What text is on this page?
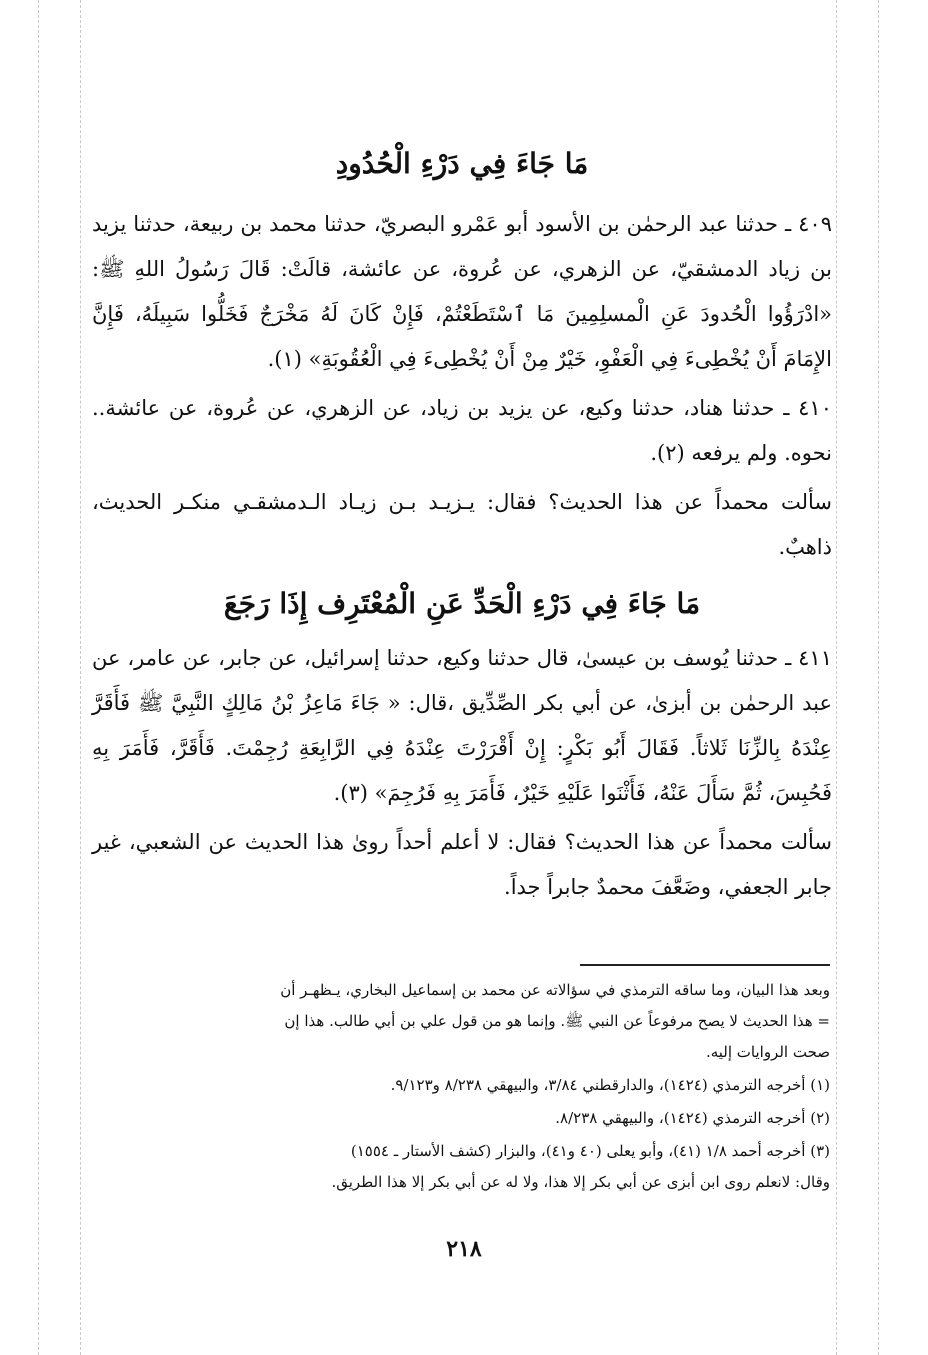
مَا جَاءَ فِي دَرْءِ الْحُدُودِ

٤٠٩ ـ حدثنا عبد الرحمٰن بن الأسود أبو عَمْرو البصريّ، حدثنا محمد بن ربيعة، حدثنا يزيد بن زياد الدمشقيّ، عن الزهري، عن عُروة، عن عائشة، قالَتْ: قَالَ رَسُولُ اللهِ ﷺ: «ادْرَؤُوا الْحُدودَ عَنِ الْمسلِمِينَ مَا ٱسْتَطَعْتُمْ، فَإِنْ كَانَ لَهُ مَخْرَجٌ فَخَلُّوا سَبِيلَهُ، فَإِنَّ الإِمَامَ أَنْ يُخْطِىءَ فِي الْعَفْوِ، خَيْرٌ مِنْ أَنْ يُخْطِىءَ فِي الْعُقُوبَةِ» (١).

٤١٠ ـ حدثنا هناد، حدثنا وكيع، عن يزيد بن زياد، عن الزهري، عن عُروة، عن عائشة.. نحوه. ولم يرفعه (٢).

سألت محمداً عن هذا الحديث؟ فقال: يـزيـد بـن زيـاد الـدمشقـي منكـر الحديث، ذاهبٌ.

مَا جَاءَ فِي دَرْءِ الْحَدِّ عَنِ الْمُعْتَرِف إِذَا رَجَعَ

٤١١ ـ حدثنا يُوسف بن عيسىٰ، قال حدثنا وكيع، حدثنا إسرائيل، عن جابر، عن عامر، عن عبد الرحمٰن بن أبزىٰ، عن أبي بكر الصِّدِّيق ،قال: « جَاءَ مَاعِزُ بْنُ مَالِكٍ النَّبِيَّ ﷺ فَأَقَرَّ عِنْدَهُ بِالزِّنَا ثَلاثاً. فَقَالَ أَبُو بَكْرٍ: إِنْ أَقْرَرْتَ عِنْدَهُ فِي الرَّابِعَةِ رُجِمْتَ. فَأَقَرَّ، فَأَمَرَ بِهِ فَحُبِسَ، ثُمَّ سَأَلَ عَنْهُ، فَأَثْنَوا عَلَيْهِ خَيْرٌ، فَأَمَرَ بِهِ فَرُجِمَ» (٣).

سألت محمداً عن هذا الحديث؟ فقال: لا أعلم أحداً روىٰ هذا الحديث عن الشعبي، غير جابر الجعفي، وضَعَّفَ محمدٌ جابراً جداً.

وبعد هذا البيان، وما ساقه الترمذي في سؤالاته عن محمد بن إسماعيل البخاري، يـظهـر أن

= هذا الحديث لا يصح مرفوعاً عن النبي ﷺ. وإنما هو من قول علي بن أبي طالب. هذا إن

صحت الروايات إليه.

(١) أخرجه الترمذي (١٤٢٤)، والدارقطني ٣/٨٤، والبيهقي ٨/٢٣٨ و٩/١٢٣.

(٢) أخرجه الترمذي (١٤٢٤)، والبيهقي ٨/٢٣٨.

(٣) أخرجه أحمد ١/٨ (٤١)، وأبو يعلى (٤٠ و٤١)، والبزار (كشف الأستار ـ ١٥٥٤)

وقال: لانعلم روى ابن أبزى عن أبي بكر إلا هذا، ولا له عن أبي بكر إلا هذا الطريق.

٢١٨
